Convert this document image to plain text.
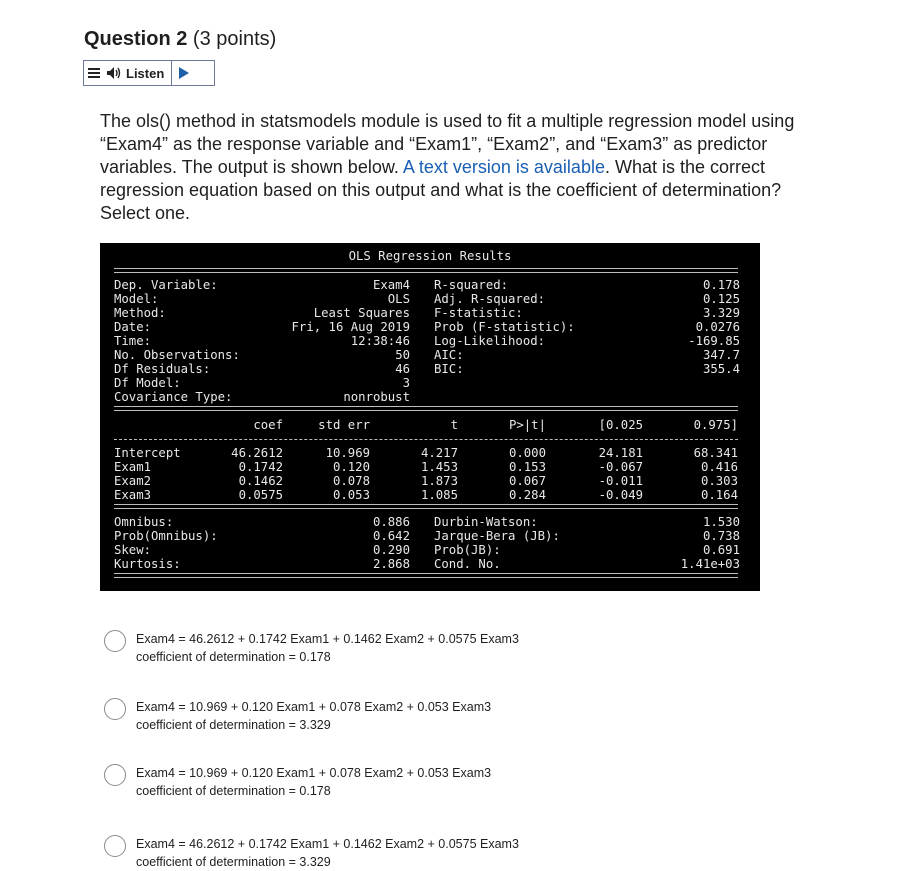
Question 2 (3 points)
Listen
The ols() method in statsmodels module is used to fit a multiple regression model using “Exam4” as the response variable and “Exam1”, “Exam2”, and “Exam3” as predictor variables. The output is shown below. A text version is available. What is the correct regression equation based on this output and what is the coefficient of determination? Select one.
OLS Regression Results
Dep. Variable:	Exam4
Model:	OLS
Method:	Least Squares
Date:	Fri, 16 Aug 2019
Time:	12:38:46
No. Observations:	50
Df Residuals:	46
Df Model:	3
Covariance Type:	nonrobust
R-squared:	0.178
Adj. R-squared:	0.125
F-statistic:	3.329
Prob (F-statistic):	0.0276
Log-Likelihood:	-169.85
AIC:	347.7
BIC:	355.4
coef	std err	t	P>|t|	[0.025	0.975]
Intercept	46.2612	10.969	4.217	0.000	24.181	68.341
Exam1	0.1742	0.120	1.453	0.153	-0.067	0.416
Exam2	0.1462	0.078	1.873	0.067	-0.011	0.303
Exam3	0.0575	0.053	1.085	0.284	-0.049	0.164
Omnibus:	0.886 Durbin-Watson:	1.530
Prob(Omnibus):	0.642 Jarque-Bera (JB):	0.738
Skew:	0.290 Prob(JB):	0.691
Kurtosis:	2.868 Cond. No.	1.41e+03
Exam4 = 46.2612 + 0.1742 Exam1 + 0.1462 Exam2 + 0.0575 Exam3
coefficient of determination = 0.178
Exam4 = 10.969 + 0.120 Exam1 + 0.078 Exam2 + 0.053 Exam3
coefficient of determination = 3.329
Exam4 = 10.969 + 0.120 Exam1 + 0.078 Exam2 + 0.053 Exam3
coefficient of determination = 0.178
Exam4 = 46.2612 + 0.1742 Exam1 + 0.1462 Exam2 + 0.0575 Exam3
coefficient of determination = 3.329
